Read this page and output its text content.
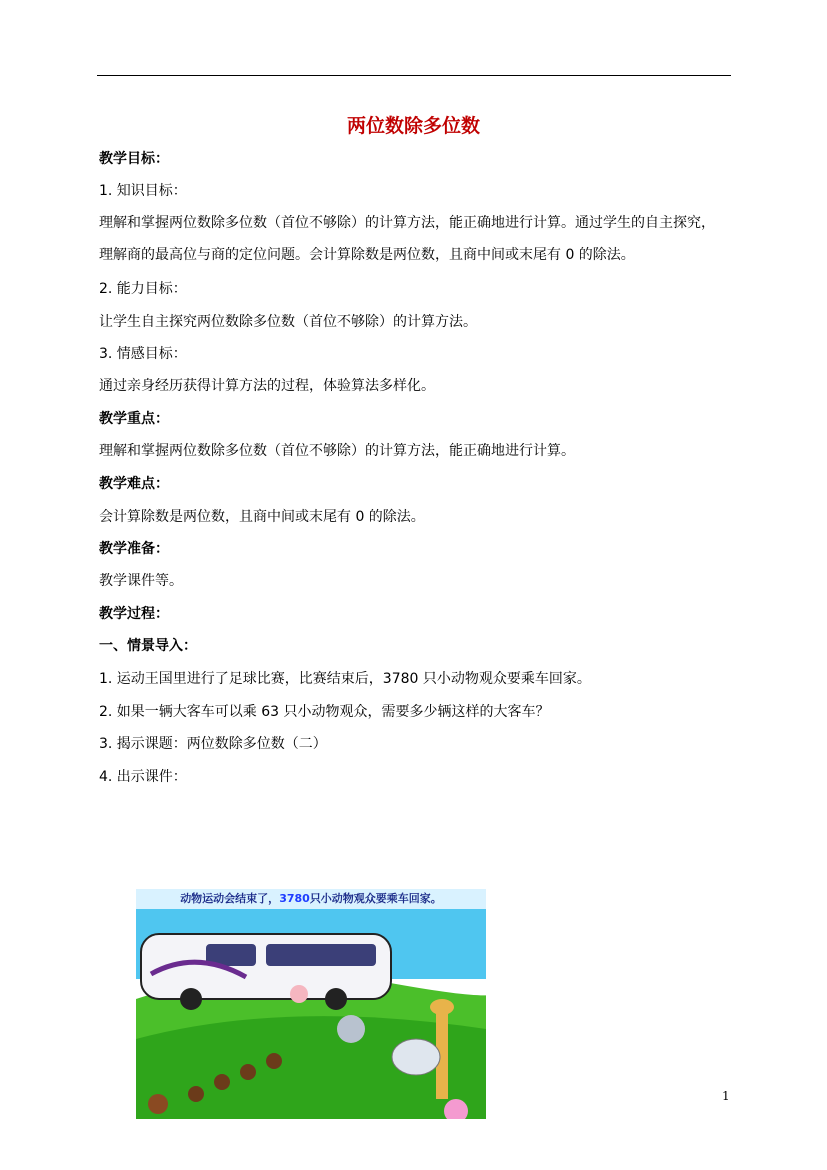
两位数除多位数
教学目标：
1. 知识目标：
理解和掌握两位数除多位数（首位不够除）的计算方法，能正确地进行计算。通过学生的自主探究，
理解商的最高位与商的定位问题。会计算除数是两位数，且商中间或末尾有 0 的除法。
2. 能力目标：
让学生自主探究两位数除多位数（首位不够除）的计算方法。
3. 情感目标：
通过亲身经历获得计算方法的过程，体验算法多样化。
教学重点：
理解和掌握两位数除多位数（首位不够除）的计算方法，能正确地进行计算。
教学难点：
会计算除数是两位数，且商中间或末尾有 0 的除法。
教学准备：
教学课件等。
教学过程：
一、情景导入：
1. 运动王国里进行了足球比赛，比赛结束后，3780 只小动物观众要乘车回家。
2. 如果一辆大客车可以乘 63 只小动物观众，需要多少辆这样的大客车？
3. 揭示课题：两位数除多位数（二）
4. 出示课件：
动物运动会结束了，3780只小动物观众要乘车回家。
1
